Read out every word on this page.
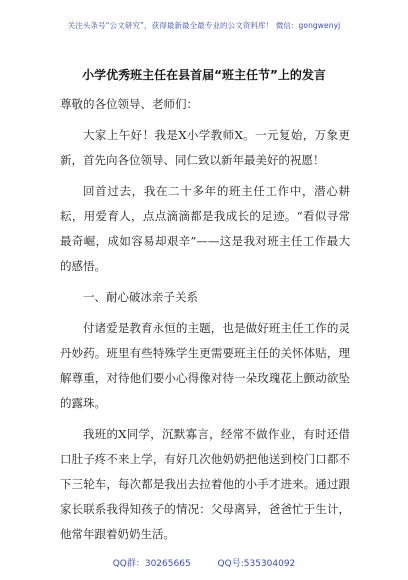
关注头条号“公文研究”，获得最新最全最专业的公文资料库！ 微信：gongwenyj
小学优秀班主任在县首届“班主任节”上的发言

尊敬的各位领导、老师们：

大家上午好！我是X小学教师X。一元复始，万象更新，首先向各位领导、同仁致以新年最美好的祝愿！

回首过去，我在二十多年的班主任工作中，潜心耕耘，用爱育人，点点滴滴都是我成长的足迹。“看似寻常最奇崛，成如容易却艰辛”——这是我对班主任工作最大的感悟。

一、耐心破冰亲子关系

付诸爱是教育永恒的主题，也是做好班主任工作的灵丹妙药。班里有些特殊学生更需要班主任的关怀体贴，理解尊重，对待他们要小心得像对待一朵玫瑰花上颤动欲坠的露珠。

我班的X同学，沉默寡言，经常不做作业，有时还借口肚子疼不来上学，有好几次他奶奶把他送到校门口都不下三轮车，每次都是我出去拉着他的小手才进来。通过跟家长联系我得知孩子的情况：父母离异，爸爸忙于生计，他常年跟着奶奶生活。

QQ群：30265665	QQ号:535304092
